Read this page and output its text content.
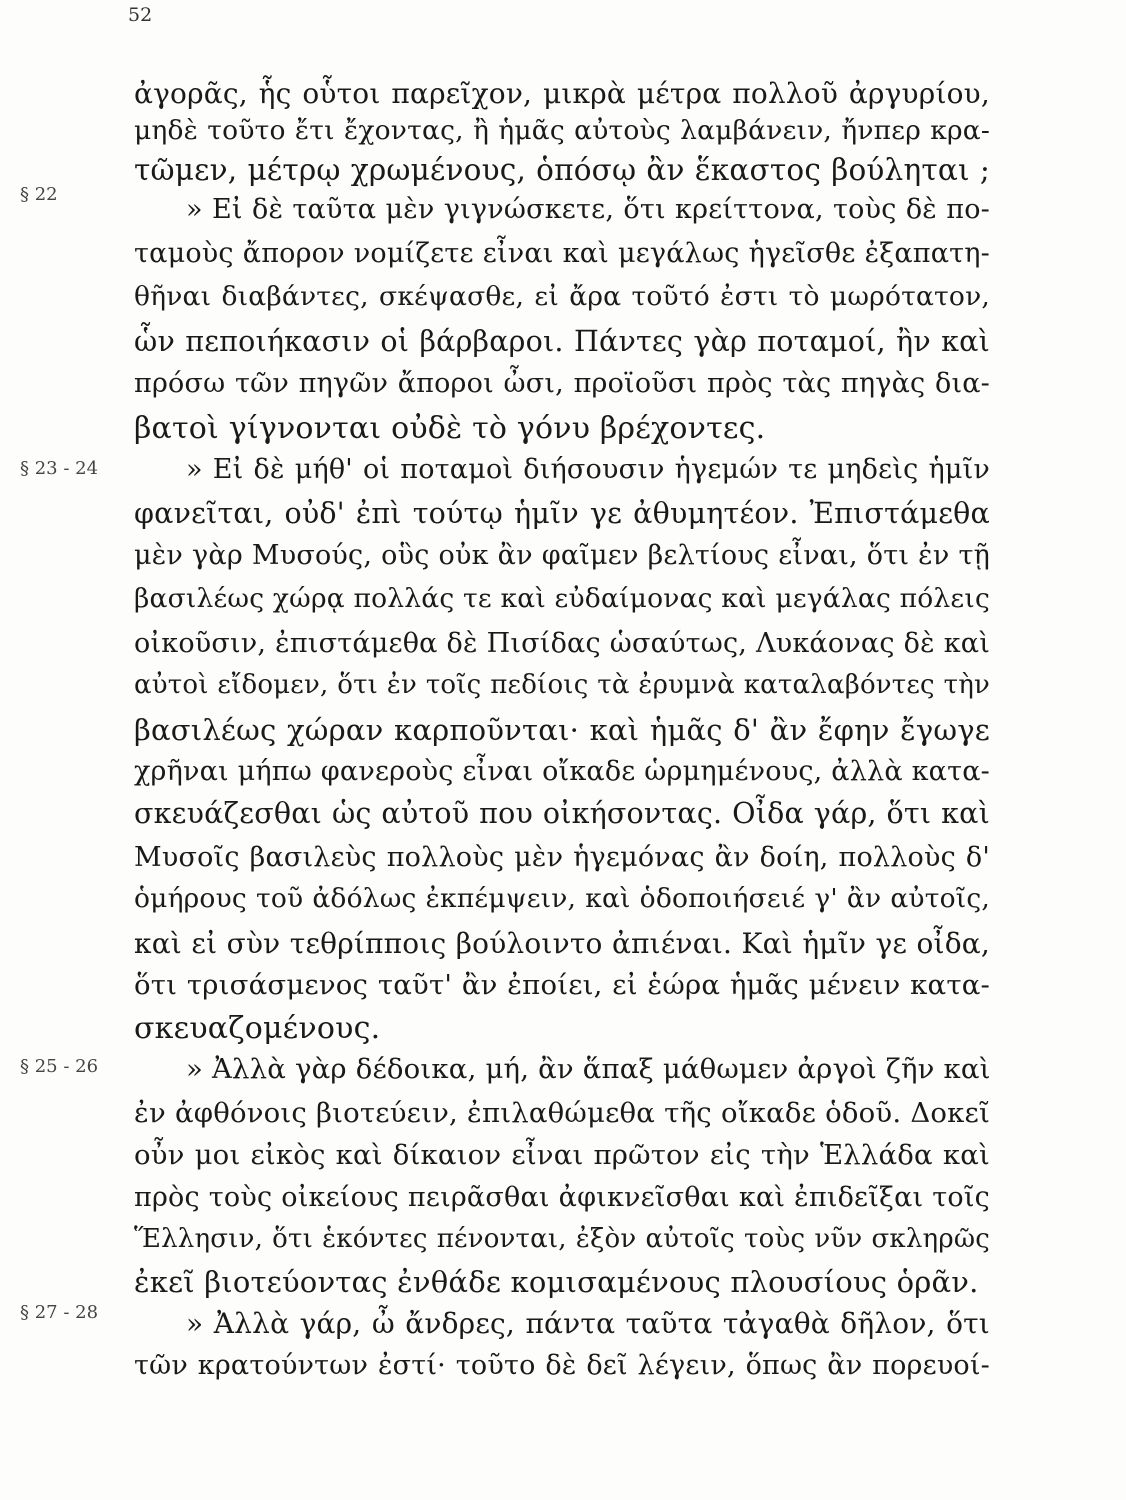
52
§ 22
§ 23 - 24
§ 25 - 26
§ 27 - 28
ἀγορᾶς, ἧς οὗτοι παρεῖχον, μικρὰ μέτρα πολλοῦ ἀργυρίου,
μηδὲ τοῦτο ἔτι ἔχοντας, ἢ ἡμᾶς αὐτοὺς λαμβάνειν, ἤνπερ κρα-
τῶμεν, μέτρῳ χρωμένους, ὁπόσῳ ἂν ἕκαστος βούληται ;
» Εἰ δὲ ταῦτα μὲν γιγνώσκετε, ὅτι κρείττονα, τοὺς δὲ πο-
ταμοὺς ἄπορον νομίζετε εἶναι καὶ μεγάλως ἡγεῖσθε ἐξαπατη-
θῆναι διαβάντες, σκέψασθε, εἰ ἄρα τοῦτό ἐστι τὸ μωρότατον,
ὧν πεποιήκασιν οἱ βάρβαροι. Πάντες γὰρ ποταμοί, ἢν καὶ
πρόσω τῶν πηγῶν ἄποροι ὦσι, προϊοῦσι πρὸς τὰς πηγὰς δια-
βατοὶ γίγνονται οὐδὲ τὸ γόνυ βρέχοντες.
» Εἰ δὲ μήθ' οἱ ποταμοὶ διήσουσιν ἡγεμών τε μηδεὶς ἡμῖν
φανεῖται, οὐδ' ἐπὶ τούτῳ ἡμῖν γε ἀθυμητέον. Ἐπιστάμεθα
μὲν γὰρ Μυσούς, οὓς οὐκ ἂν φαῖμεν βελτίους εἶναι, ὅτι ἐν τῇ
βασιλέως χώρᾳ πολλάς τε καὶ εὐδαίμονας καὶ μεγάλας πόλεις
οἰκοῦσιν, ἐπιστάμεθα δὲ Πισίδας ὡσαύτως, Λυκάονας δὲ καὶ
αὐτοὶ εἴδομεν, ὅτι ἐν τοῖς πεδίοις τὰ ἐρυμνὰ καταλαβόντες τὴν
βασιλέως χώραν καρποῦνται· καὶ ἡμᾶς δ' ἂν ἔφην ἔγωγε
χρῆναι μήπω φανεροὺς εἶναι οἴκαδε ὡρμημένους, ἀλλὰ κατα-
σκευάζεσθαι ὡς αὐτοῦ που οἰκήσοντας. Οἶδα γάρ, ὅτι καὶ
Μυσοῖς βασιλεὺς πολλοὺς μὲν ἡγεμόνας ἂν δοίη, πολλοὺς δ'
ὁμήρους τοῦ ἀδόλως ἐκπέμψειν, καὶ ὁδοποιήσειέ γ' ἂν αὐτοῖς,
καὶ εἰ σὺν τεθρίπποις βούλοιντο ἀπιέναι. Καὶ ἡμῖν γε οἶδα,
ὅτι τρισάσμενος ταῦτ' ἂν ἐποίει, εἰ ἑώρα ἡμᾶς μένειν κατα-
σκευαζομένους.
» Ἀλλὰ γὰρ δέδοικα, μή, ἂν ἅπαξ μάθωμεν ἀργοὶ ζῆν καὶ
ἐν ἀφθόνοις βιοτεύειν, ἐπιλαθώμεθα τῆς οἴκαδε ὁδοῦ. Δοκεῖ
οὖν μοι εἰκὸς καὶ δίκαιον εἶναι πρῶτον εἰς τὴν Ἑλλάδα καὶ
πρὸς τοὺς οἰκείους πειρᾶσθαι ἀφικνεῖσθαι καὶ ἐπιδεῖξαι τοῖς
Ἕλλησιν, ὅτι ἑκόντες πένονται, ἐξὸν αὐτοῖς τοὺς νῦν σκληρῶς
ἐκεῖ βιοτεύοντας ἐνθάδε κομισαμένους πλουσίους ὁρᾶν.
» Ἀλλὰ γάρ, ὦ ἄνδρες, πάντα ταῦτα τἀγαθὰ δῆλον, ὅτι
τῶν κρατούντων ἐστί· τοῦτο δὲ δεῖ λέγειν, ὅπως ἂν πορευοί-
